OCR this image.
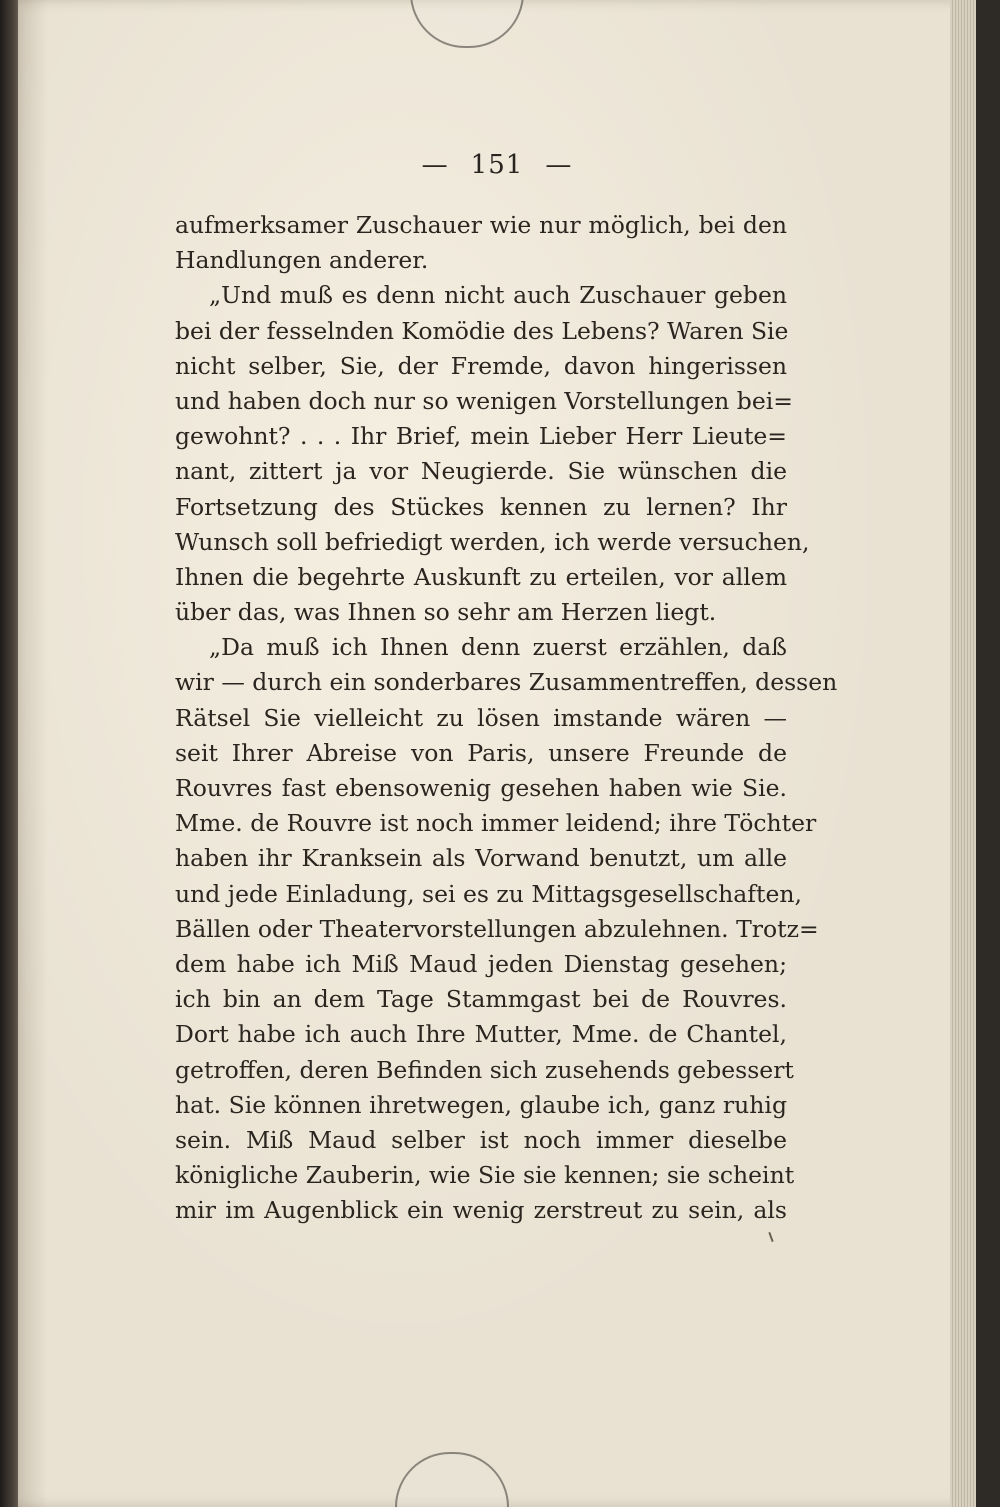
— 151 —
aufmerksamer Zuschauer wie nur möglich, bei den
Handlungen anderer.
„Und muß es denn nicht auch Zuschauer geben
bei der fesselnden Komödie des Lebens? Waren Sie
nicht selber, Sie, der Fremde, davon hingerissen
und haben doch nur so wenigen Vorstellungen bei=
gewohnt? . . . Ihr Brief, mein Lieber Herr Lieute=
nant, zittert ja vor Neugierde. Sie wünschen die
Fortsetzung des Stückes kennen zu lernen? Ihr
Wunsch soll befriedigt werden, ich werde versuchen,
Ihnen die begehrte Auskunft zu erteilen, vor allem
über das, was Ihnen so sehr am Herzen liegt.
„Da muß ich Ihnen denn zuerst erzählen, daß
wir — durch ein sonderbares Zusammentreffen, dessen
Rätsel Sie vielleicht zu lösen imstande wären —
seit Ihrer Abreise von Paris, unsere Freunde de
Rouvres fast ebensowenig gesehen haben wie Sie.
Mme. de Rouvre ist noch immer leidend; ihre Töchter
haben ihr Kranksein als Vorwand benutzt, um alle
und jede Einladung, sei es zu Mittagsgesellschaften,
Bällen oder Theatervorstellungen abzulehnen. Trotz=
dem habe ich Miß Maud jeden Dienstag gesehen;
ich bin an dem Tage Stammgast bei de Rouvres.
Dort habe ich auch Ihre Mutter, Mme. de Chantel,
getroffen, deren Befinden sich zusehends gebessert
hat. Sie können ihretwegen, glaube ich, ganz ruhig
sein. Miß Maud selber ist noch immer dieselbe
königliche Zauberin, wie Sie sie kennen; sie scheint
mir im Augenblick ein wenig zerstreut zu sein, als
